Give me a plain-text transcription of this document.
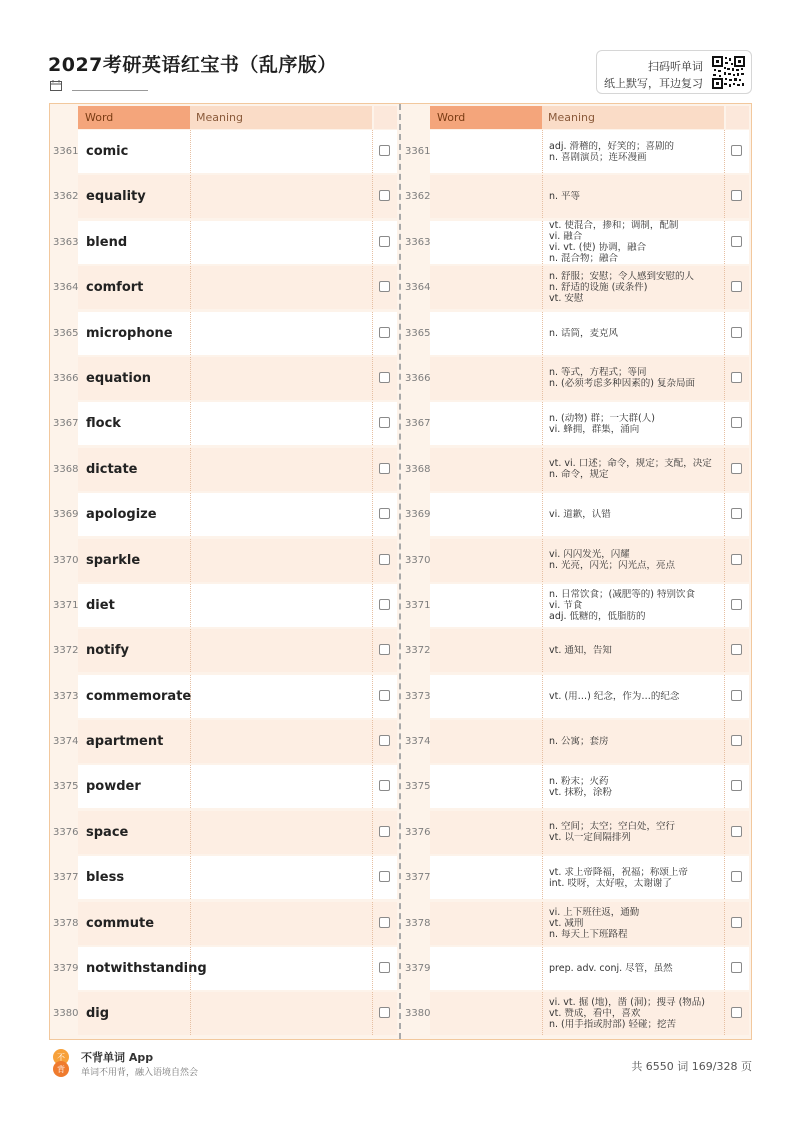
2027考研英语红宝书（乱序版）	扫码听单词
纸上默写，耳边复习
Word	Meaning
3361 comic
3362 equality
3363 blend
3364 comfort
3365 microphone
3366 equation
3367 flock
3368 dictate
3369 apologize
3370 sparkle
3371 diet
3372 notify
3373 commemorate
3374 apartment
3375 powder
3376 space
3377 bless
3378 commute
3379 notwithstanding
3380 dig
Word	Meaning
3361	adj. 滑稽的，好笑的；喜剧的
n. 喜剧演员；连环漫画
3362	n. 平等
3363
vt. 使混合，掺和；调制，配制
vi. 融合
vi. vt. (使) 协调，融合
n. 混合物；融合
3364
n. 舒服；安慰；令人感到安慰的人
n. 舒适的设施 (或条件)
vt. 安慰
3365	n. 话筒，麦克风
3366	n. 等式，方程式；等同
n. (必须考虑多种因素的) 复杂局面
3367	n. (动物) 群；一大群(人)
vi. 蜂拥，群集，涌向
3368	vt. vi. 口述；命令，规定；支配，决定
n. 命令，规定
3369	vi. 道歉，认错
3370	vi. 闪闪发光，闪耀
n. 光亮，闪光；闪光点，亮点
3371
n. 日常饮食；(减肥等的) 特别饮食
vi. 节食
adj. 低糖的，低脂肪的
3372	vt. 通知，告知
3373	vt. (用…) 纪念，作为…的纪念
3374	n. 公寓；套房
3375	n. 粉末；火药
vt. 抹粉，涂粉
3376	n. 空间；太空；空白处，空行
vt. 以一定间隔排列
3377	vt. 求上帝降福，祝福；称颂上帝
int. 哎呀，太好啦，太谢谢了
3378
vi. 上下班往返，通勤
vt. 减刑
n. 每天上下班路程
3379	prep. adv. conj. 尽管，虽然
3380
vi. vt. 掘 (地)，凿 (洞)；搜寻 (物品)
vt. 赞成，看中，喜欢
n. (用手指或肘部) 轻碰；挖苦
不
背
不背单词 App
单词不用背，融入语境自然会	共 6550 词 169/328 页
